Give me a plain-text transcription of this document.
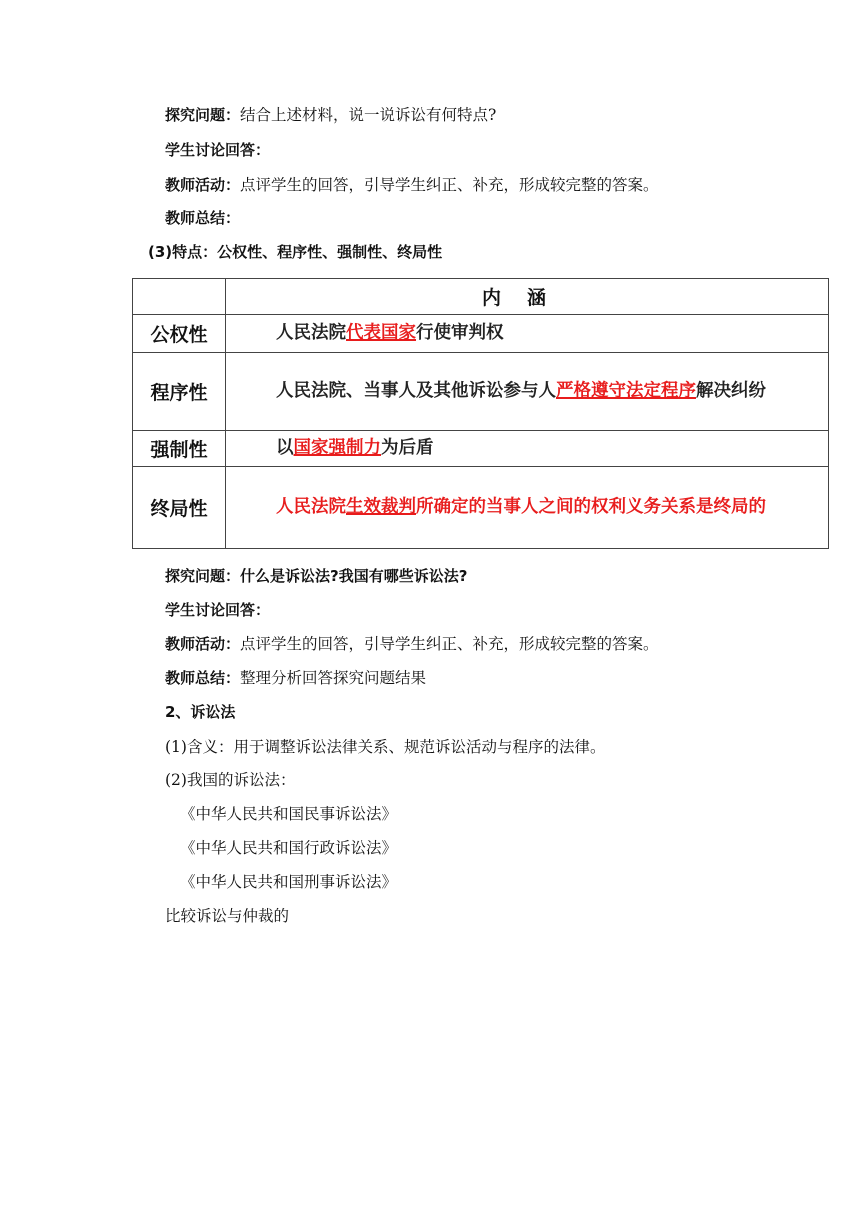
探究问题：结合上述材料，说一说诉讼有何特点?
学生讨论回答：
教师活动：点评学生的回答，引导学生纠正、补充，形成较完整的答案。
教师总结：
(3)特点：公权性、程序性、强制性、终局性
	内涵
公权性	人民法院代表国家行使审判权
程序性	人民法院、当事人及其他诉讼参与人严格遵守法定程序解决纠纷
强制性	以国家强制力为后盾
终局性	人民法院生效裁判所确定的当事人之间的权利义务关系是终局的
探究问题：什么是诉讼法?我国有哪些诉讼法?
学生讨论回答：
教师活动：点评学生的回答，引导学生纠正、补充，形成较完整的答案。
教师总结：整理分析回答探究问题结果
2、诉讼法
(1)含义：用于调整诉讼法律关系、规范诉讼活动与程序的法律。
(2)我国的诉讼法：
《中华人民共和国民事诉讼法》
《中华人民共和国行政诉讼法》
《中华人民共和国刑事诉讼法》
比较诉讼与仲裁的
